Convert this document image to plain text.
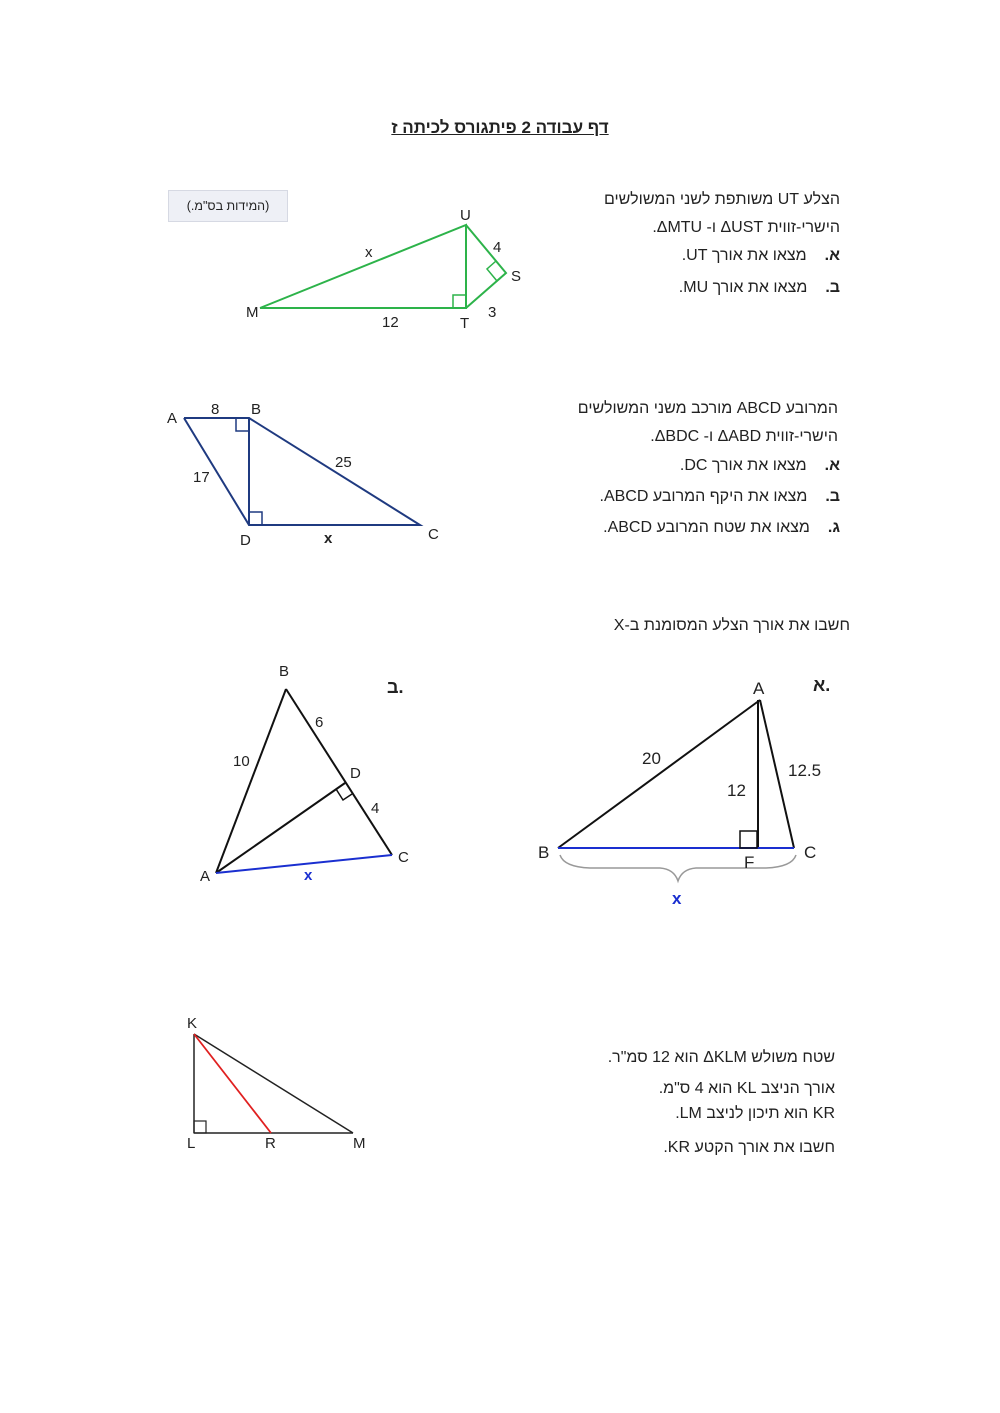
דף עבודה 2 פיתגורס לכיתה ז
(המידות בס"מ.)
U
S
T
M
x	4
3
12
הצלע UT משותפת לשני המשולשים
הישרי-זווית ΔUST ו- ΔMTU.
א.מצאו את אורך UT.
ב.מצאו את אורך MU.
A
B
C
D
8
17
25
x
המרובע ABCD מורכב משני המשולשים
הישרי-זווית ΔABD ו- ΔBDC.
א.מצאו את אורך DC.
ב.מצאו את היקף המרובע ABCD.
ג.מצאו את שטח המרובע ABCD.
חשבו את אורך הצלע המסומנת ב-X
א.
A
B	C
F
20
12
12.5
x
ב.
B
A
C
D
10
6
4
x
K
L	R	M
שטח משולש ΔKLM הוא 12 סמ"ר.
אורך הניצב KL הוא 4 ס"מ.
KR הוא תיכון לניצב LM.
חשבו את אורך הקטע KR.
